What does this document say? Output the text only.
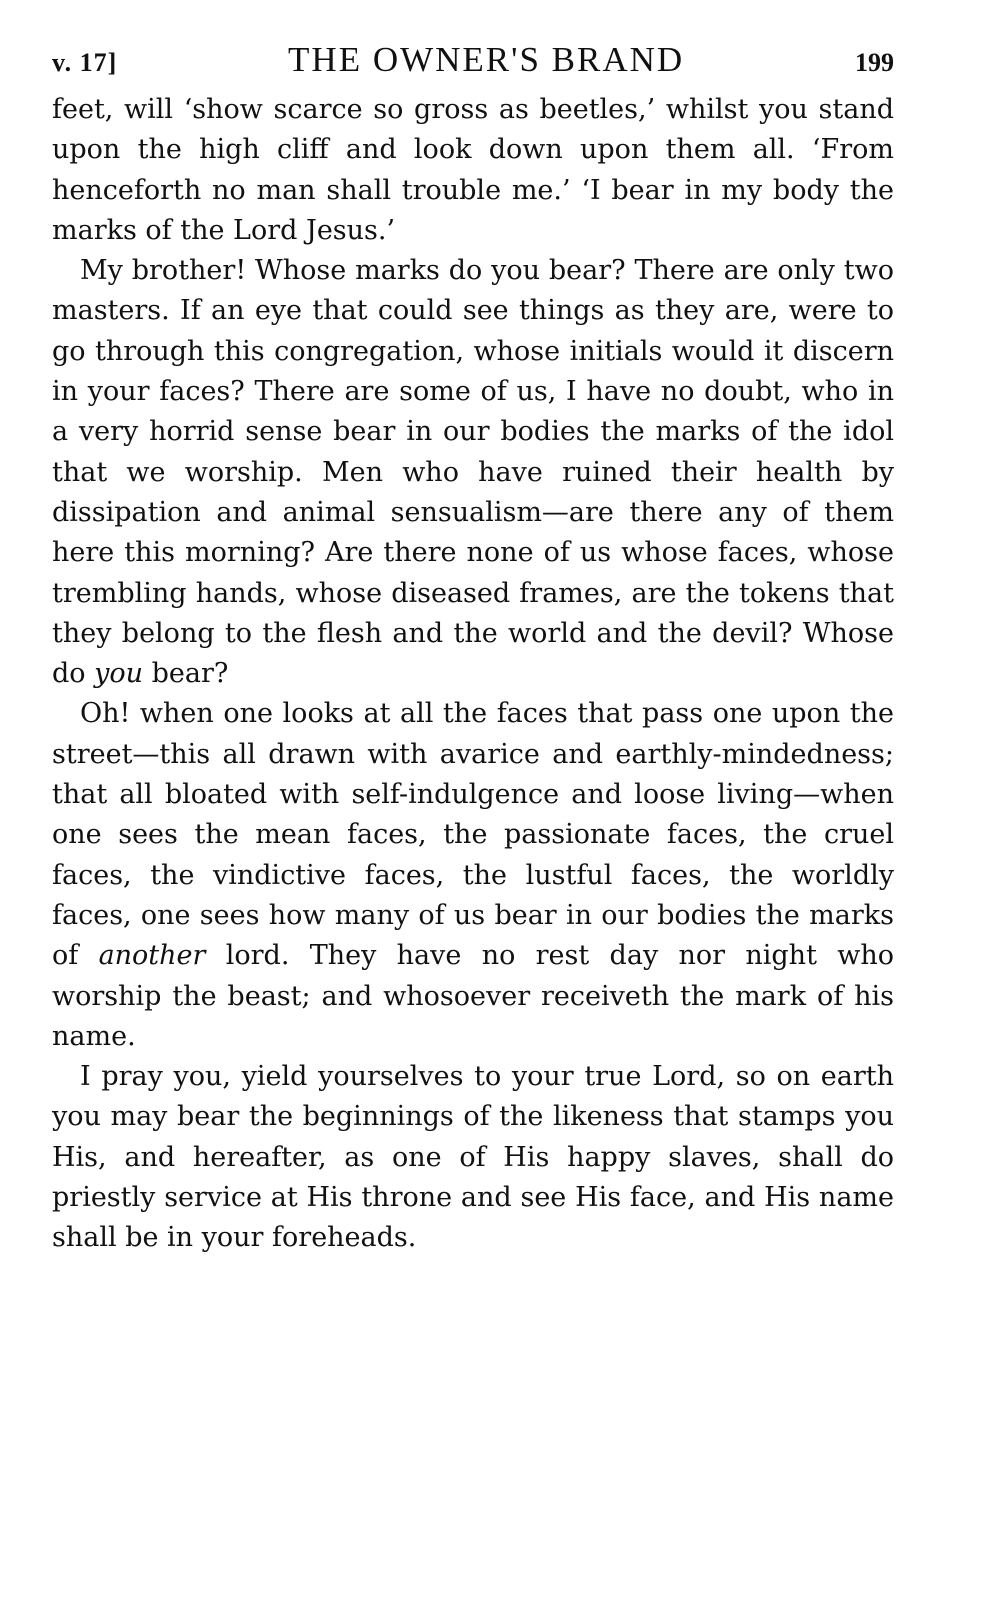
v. 17]	THE OWNER'S BRAND	199

feet, will ‘show scarce so gross as beetles,’ whilst you stand upon the high cliff and look down upon them all. ‘From henceforth no man shall trouble me.’ ‘I bear in my body the marks of the Lord Jesus.’

My brother! Whose marks do you bear? There are only two masters. If an eye that could see things as they are, were to go through this congregation, whose initials would it discern in your faces? There are some of us, I have no doubt, who in a very horrid sense bear in our bodies the marks of the idol that we worship. Men who have ruined their health by dissipation and animal sensualism—are there any of them here this morning? Are there none of us whose faces, whose trembling hands, whose diseased frames, are the tokens that they belong to the flesh and the world and the devil? Whose do you bear?

Oh! when one looks at all the faces that pass one upon the street—this all drawn with avarice and earthly-mindedness; that all bloated with self-indulgence and loose living—when one sees the mean faces, the passionate faces, the cruel faces, the vindictive faces, the lustful faces, the worldly faces, one sees how many of us bear in our bodies the marks of another lord. They have no rest day nor night who worship the beast; and whosoever receiveth the mark of his name.

I pray you, yield yourselves to your true Lord, so on earth you may bear the beginnings of the likeness that stamps you His, and hereafter, as one of His happy slaves, shall do priestly service at His throne and see His face, and His name shall be in your foreheads.
